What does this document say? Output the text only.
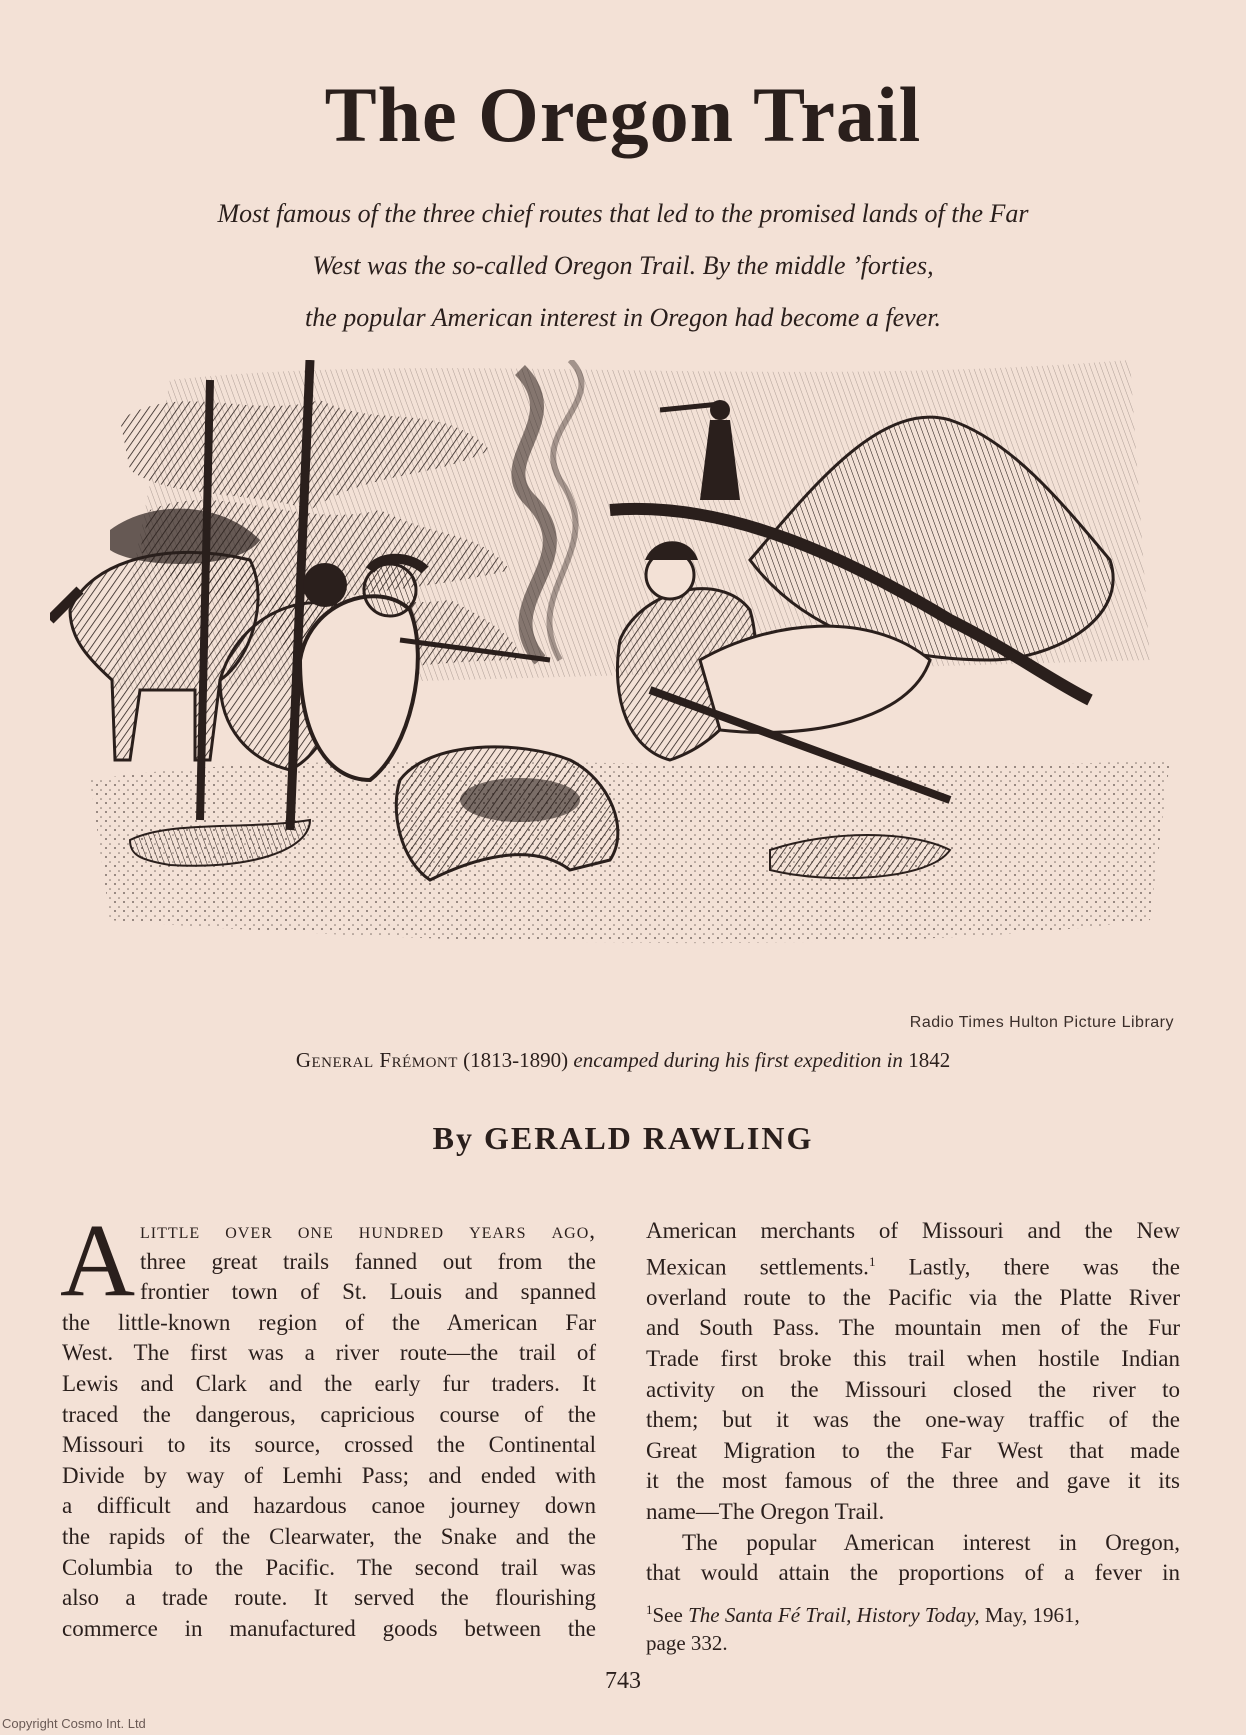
The Oregon Trail

Most famous of the three chief routes that led to the promised lands of the Far
West was the so-called Oregon Trail. By the middle ’forties,
the popular American interest in Oregon had become a fever.

Radio Times Hulton Picture Library
General Frémont (1813-1890) encamped during his first expedition in 1842
By GERALD RAWLING
A little over one hundred years ago,
three great trails fanned out from the
frontier town of St. Louis and spanned
the little-known region of the American Far
West. The first was a river route—the trail of
Lewis and Clark and the early fur traders. It
traced the dangerous, capricious course of the
Missouri to its source, crossed the Continental
Divide by way of Lemhi Pass; and ended with
a difficult and hazardous canoe journey down
the rapids of the Clearwater, the Snake and the
Columbia to the Pacific. The second trail was
also a trade route. It served the flourishing
commerce in manufactured goods between the
American merchants of Missouri and the New
Mexican settlements.$^1$ Lastly, there was the
overland route to the Pacific via the Platte River
and South Pass. The mountain men of the Fur
Trade first broke this trail when hostile Indian
activity on the Missouri closed the river to
them; but it was the one-way traffic of the
Great Migration to the Far West that made
it the most famous of the three and gave it its
name—The Oregon Trail.
The popular American interest in Oregon,
that would attain the proportions of a fever in
$^1$See The Santa Fé Trail, History Today, May, 1961,
page 332.
743
Copyright Cosmo Int. Ltd
